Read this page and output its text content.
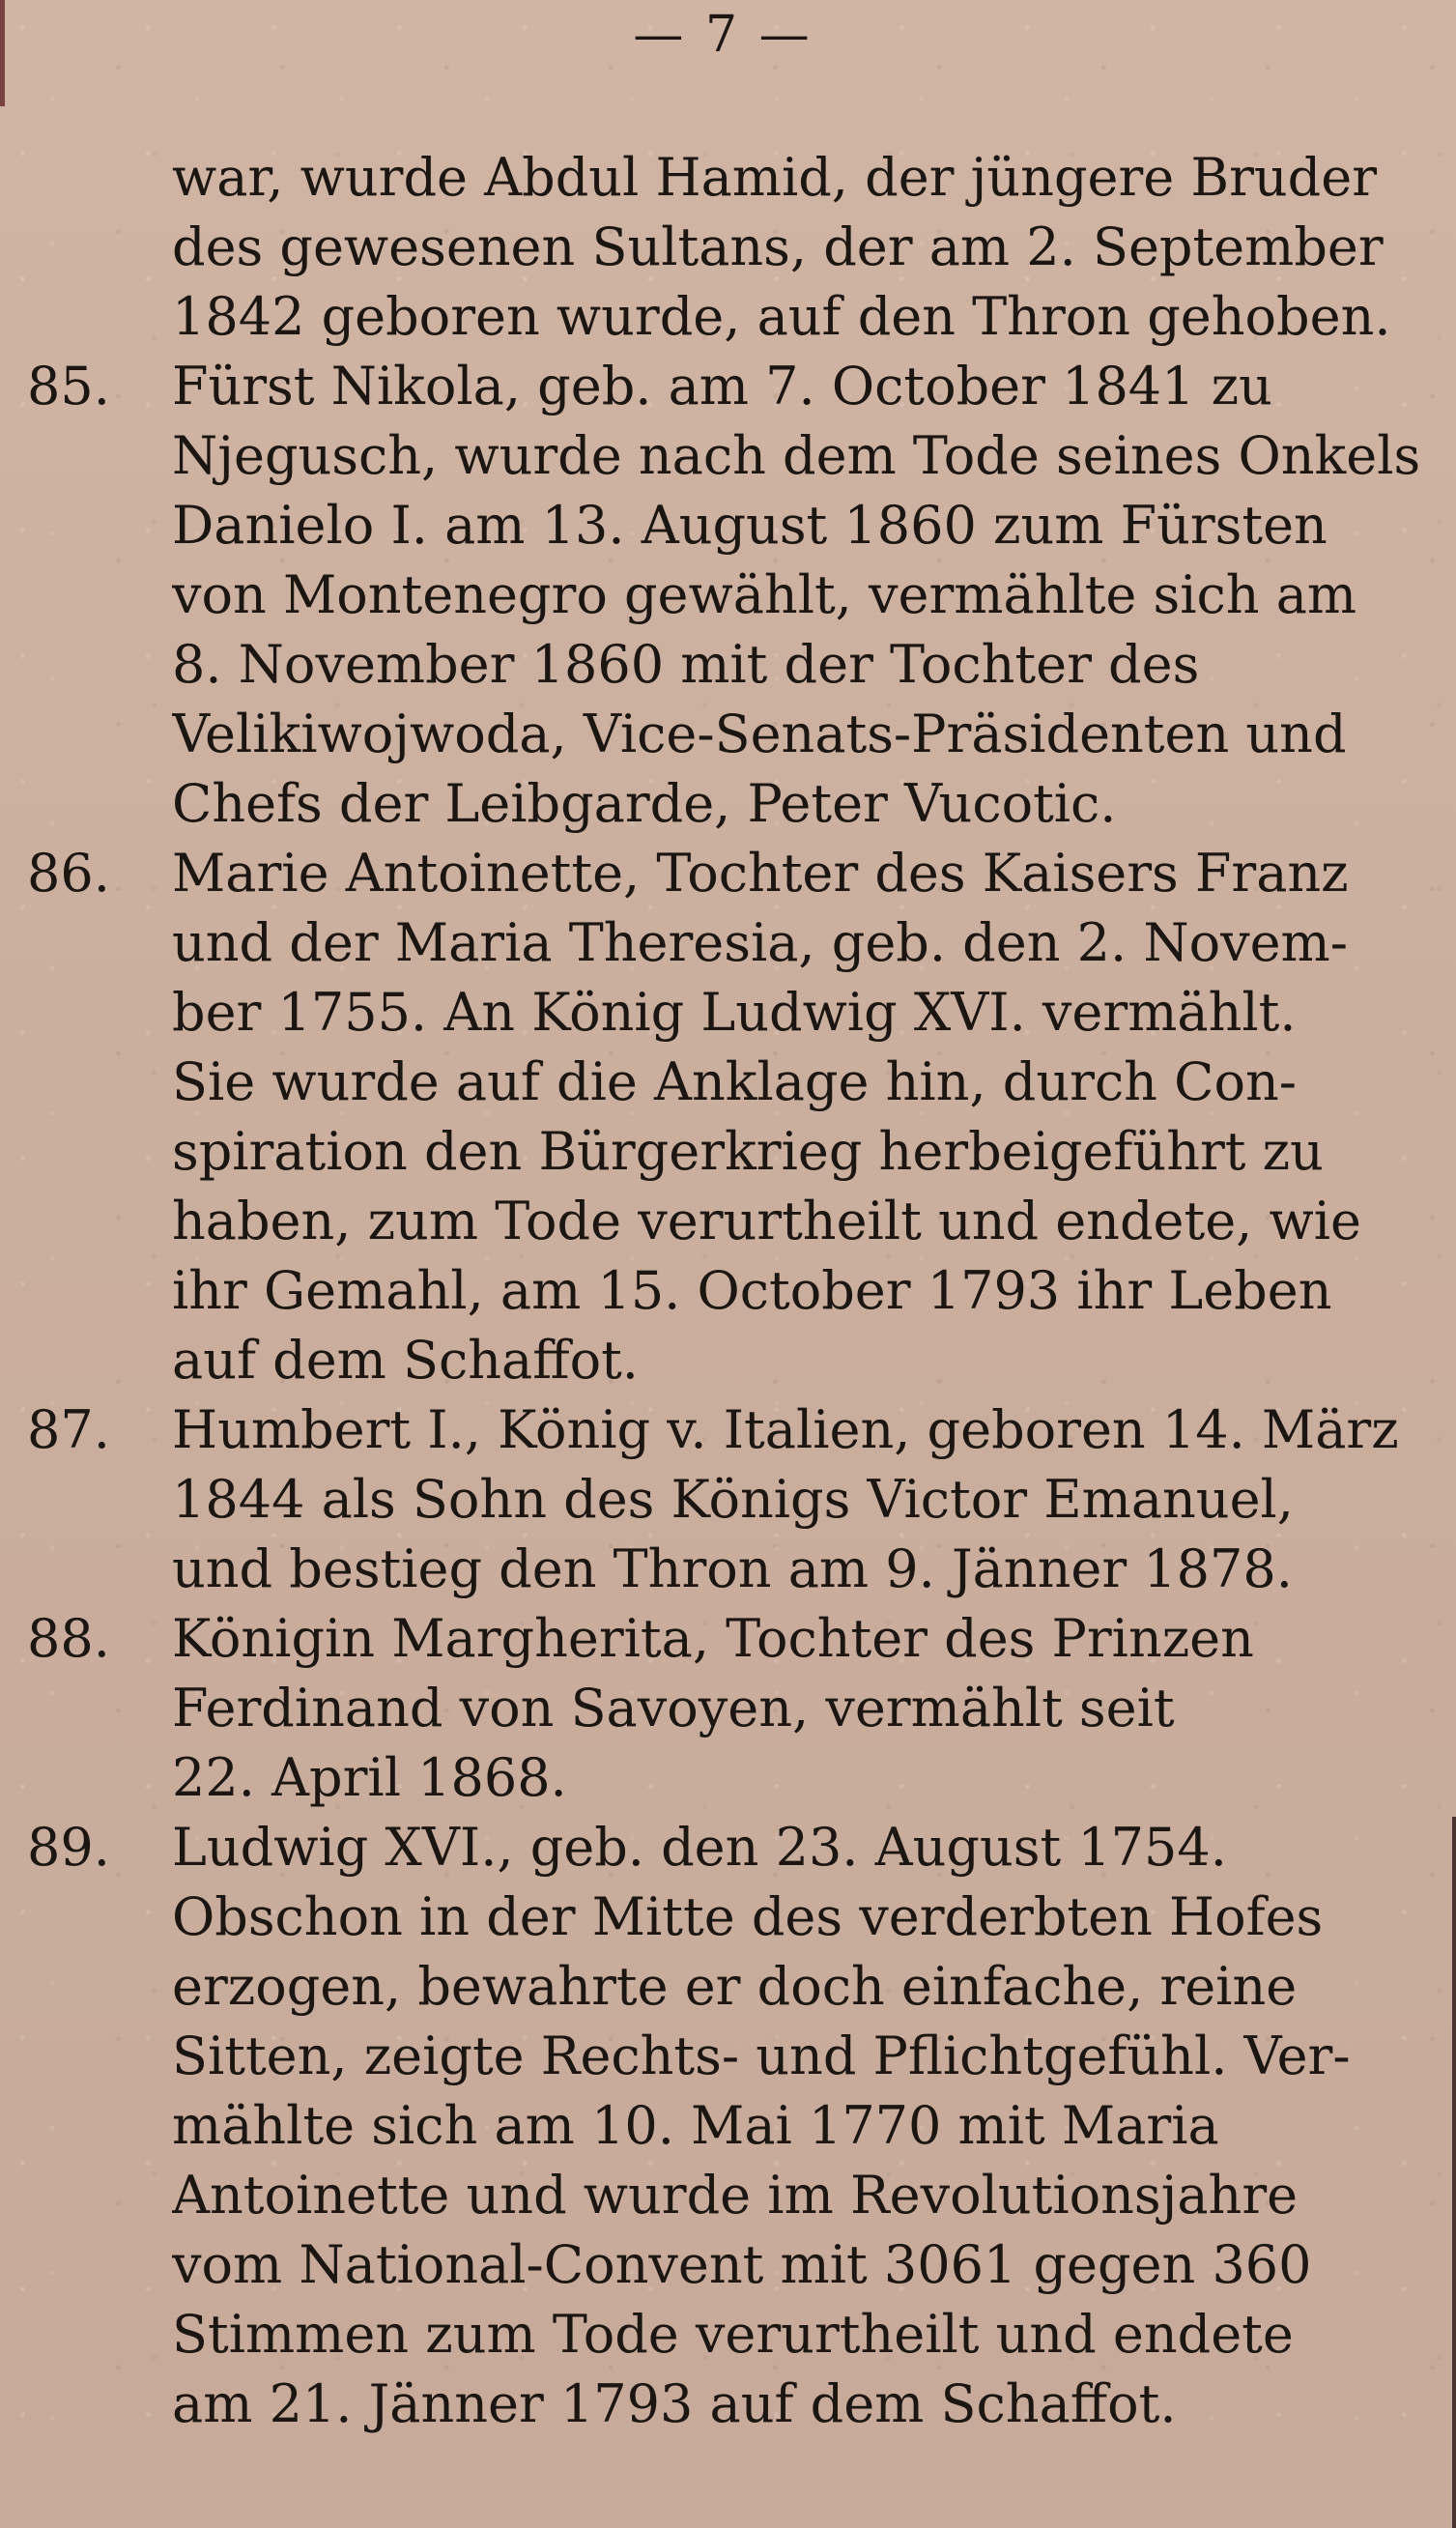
— 7 —
war, wurde Abdul Hamid, der jüngere Bruder
des gewesenen Sultans, der am 2. September
1842 geboren wurde, auf den Thron gehoben.
85.	Fürst Nikola, geb. am 7. October 1841 zu
Njegusch, wurde nach dem Tode seines Onkels
Danielo I. am 13. August 1860 zum Fürsten
von Montenegro gewählt, vermählte sich am
8. November 1860 mit der Tochter des
Velikiwojwoda, Vice-Senats-Präsidenten und
Chefs der Leibgarde, Peter Vucotic.
86.	Marie Antoinette, Tochter des Kaisers Franz
und der Maria Theresia, geb. den 2. Novem-
ber 1755. An König Ludwig XVI. vermählt.
Sie wurde auf die Anklage hin, durch Con-
spiration den Bürgerkrieg herbeigeführt zu
haben, zum Tode verurtheilt und endete, wie
ihr Gemahl, am 15. October 1793 ihr Leben
auf dem Schaffot.
87.	Humbert I., König v. Italien, geboren 14. März
1844 als Sohn des Königs Victor Emanuel,
und bestieg den Thron am 9. Jänner 1878.
88.	Königin Margherita, Tochter des Prinzen
Ferdinand von Savoyen, vermählt seit
22. April 1868.
89.	Ludwig XVI., geb. den 23. August 1754.
Obschon in der Mitte des verderbten Hofes
erzogen, bewahrte er doch einfache, reine
Sitten, zeigte Rechts- und Pflichtgefühl. Ver-
mählte sich am 10. Mai 1770 mit Maria
Antoinette und wurde im Revolutionsjahre
vom National-Convent mit 3061 gegen 360
Stimmen zum Tode verurtheilt und endete
am 21. Jänner 1793 auf dem Schaffot.
